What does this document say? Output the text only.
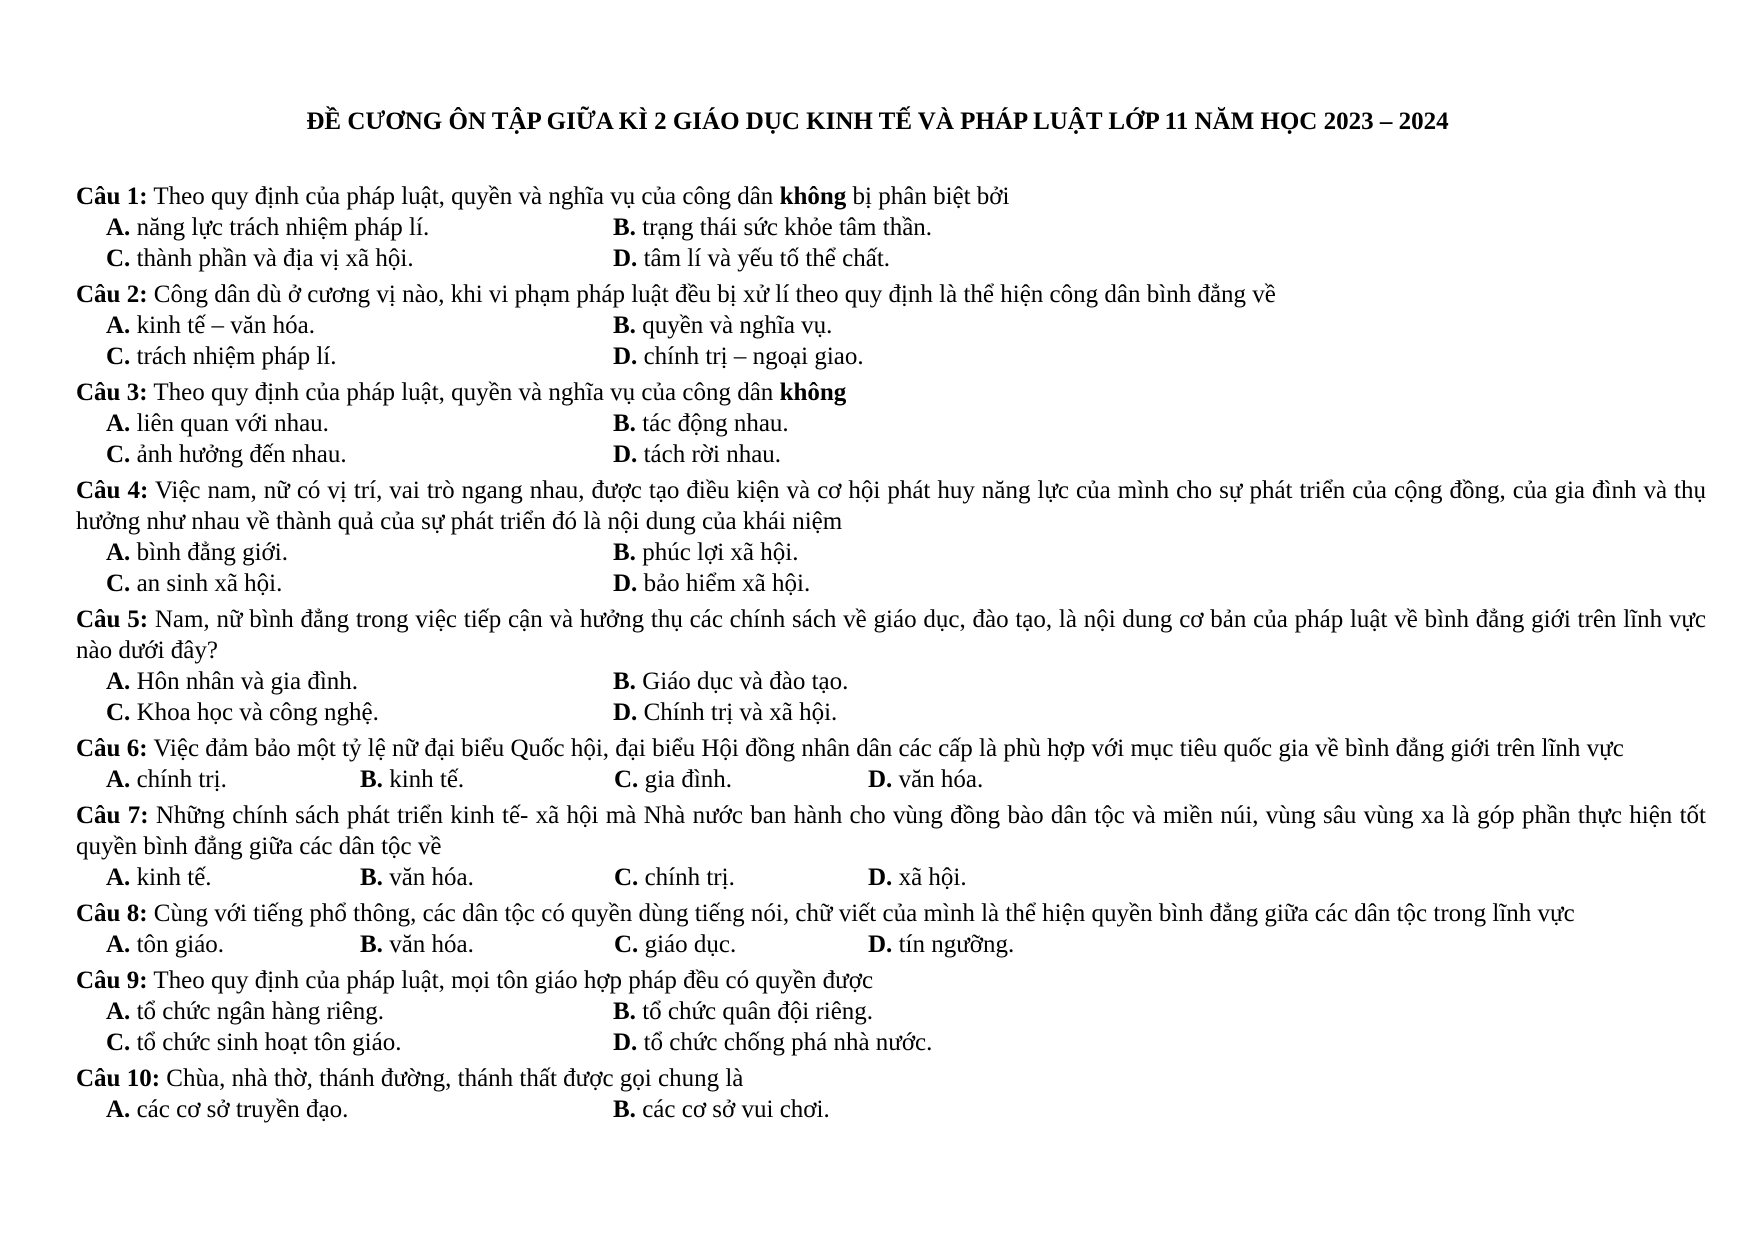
ĐỀ CƯƠNG ÔN TẬP GIỮA KÌ 2 GIÁO DỤC KINH TẾ VÀ PHÁP LUẬT LỚP 11 NĂM HỌC 2023 – 2024
Câu 1: Theo quy định của pháp luật, quyền và nghĩa vụ của công dân không bị phân biệt bởi
A. năng lực trách nhiệm pháp lí.	B. trạng thái sức khỏe tâm thần.
C. thành phần và địa vị xã hội.	D. tâm lí và yếu tố thể chất.
Câu 2: Công dân dù ở cương vị nào, khi vi phạm pháp luật đều bị xử lí theo quy định là thể hiện công dân bình đẳng về
A. kinh tế – văn hóa.	B. quyền và nghĩa vụ.
C. trách nhiệm pháp lí.	D. chính trị – ngoại giao.
Câu 3: Theo quy định của pháp luật, quyền và nghĩa vụ của công dân không
A. liên quan với nhau.	B. tác động nhau.
C. ảnh hưởng đến nhau.	D. tách rời nhau.
Câu 4: Việc nam, nữ có vị trí, vai trò ngang nhau, được tạo điều kiện và cơ hội phát huy năng lực của mình cho sự phát triển của cộng đồng, của gia đình và thụ hưởng như nhau về thành quả của sự phát triển đó là nội dung của khái niệm
A. bình đẳng giới.	B. phúc lợi xã hội.
C. an sinh xã hội.	D. bảo hiểm xã hội.
Câu 5: Nam, nữ bình đẳng trong việc tiếp cận và hưởng thụ các chính sách về giáo dục, đào tạo, là nội dung cơ bản của pháp luật về bình đẳng giới trên lĩnh vực nào dưới đây?
A. Hôn nhân và gia đình.	B. Giáo dục và đào tạo.
C. Khoa học và công nghệ.	D. Chính trị và xã hội.
Câu 6: Việc đảm bảo một tỷ lệ nữ đại biểu Quốc hội, đại biểu Hội đồng nhân dân các cấp là phù hợp với mục tiêu quốc gia về bình đẳng giới trên lĩnh vực
A. chính trị.	B. kinh tế.	C. gia đình.	D. văn hóa.
Câu 7: Những chính sách phát triển kinh tế- xã hội mà Nhà nước ban hành cho vùng đồng bào dân tộc và miền núi, vùng sâu vùng xa là góp phần thực hiện tốt quyền bình đẳng giữa các dân tộc về
A. kinh tế.	B. văn hóa.	C. chính trị.	D. xã hội.
Câu 8: Cùng với tiếng phổ thông, các dân tộc có quyền dùng tiếng nói, chữ viết của mình là thể hiện quyền bình đẳng giữa các dân tộc trong lĩnh vực
A. tôn giáo.	B. văn hóa.	C. giáo dục.	D. tín ngưỡng.
Câu 9: Theo quy định của pháp luật, mọi tôn giáo hợp pháp đều có quyền được
A. tổ chức ngân hàng riêng.	B. tổ chức quân đội riêng.
C. tổ chức sinh hoạt tôn giáo.	D. tổ chức chống phá nhà nước.
Câu 10: Chùa, nhà thờ, thánh đường, thánh thất được gọi chung là
A. các cơ sở truyền đạo.	B. các cơ sở vui chơi.
